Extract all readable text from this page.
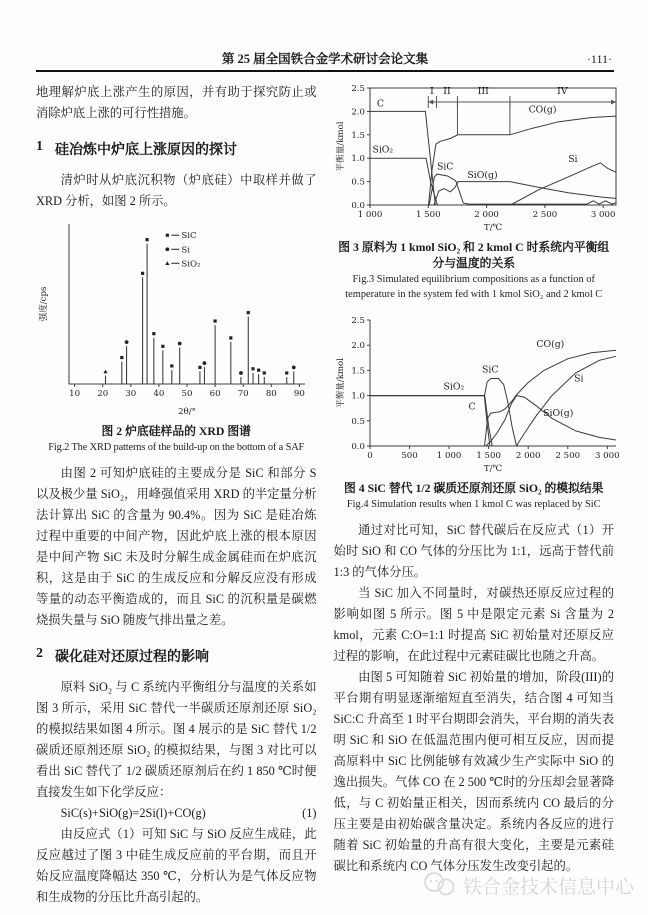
第 25 届全国铁合金学术研讨会论文集	·111·

地理解炉底上涨产生的原因，并有助于探究防止或消除炉底上涨的可行性措施。

1 硅冶炼中炉底上涨原因的探讨

清炉时从炉底沉积物（炉底硅）中取样并做了XRD 分析，如图 2 所示。

10 20 30 40 50 60 70 80 90
2θ/°
强度/cps
SiC
Si
SiO₂
图 2 炉底硅样品的 XRD 图谱
Fig.2 The XRD patterns of the build-up on the bottom of a SAF

由图 2 可知炉底硅的主要成分是 SiC 和部分 S 以及极少量 SiO₂，用峰强值采用 XRD 的半定量分析法计算出 SiC 的含量为 90.4%。因为 SiC 是硅冶炼过程中重要的中间产物，因此炉底上涨的根本原因是中间产物 SiC 未及时分解生成金属硅而在炉底沉积，这是由于 SiC 的生成反应和分解反应没有形成等量的动态平衡造成的，而且 SiC 的沉积量是碳燃烧损失量与 SiO 随废气排出量之差。

2 碳化硅对还原过程的影响

原料 SiO₂ 与 C 系统内平衡组分与温度的关系如图 3 所示，采用 SiC 替代一半碳质还原剂还原 SiO₂ 的模拟结果如图 4 所示。图 4 展示的是 SiC 替代 1/2 碳质还原剂还原 SiO₂ 的模拟结果，与图 3 对比可以看出 SiC 替代了 1/2 碳质还原剂后在约 1 850 ℃时便直接发生如下化学反应：

SiC(s)+SiO(g)=2Si(l)+CO(g)	(1)

由反应式（1）可知 SiC 与 SiO 反应生成硅，此反应越过了图 3 中硅生成反应前的平台期，而且开始反应温度降幅达 350 ℃，分析认为是气体反应物和生成物的分压比升高引起的。

1 000	1 500	2 000	2 500	3 000
0.0
0.5
1.0
1.5
2.0
2.5
T/℃
平衡量/kmol
C
SiO₂
SiC
SiO(g)
CO(g)
Si
I II	III	IV
图 3 原料为 1 kmol SiO₂ 和 2 kmol C 时系统内平衡组分与温度的关系
Fig.3 Simulated equilibrium compositions as a function of temperature in the system fed with 1 kmol SiO₂ and 2 kmol C
0	500 1 000 1 500 2 000 2 500 3 000
0.0
0.5
1.0
1.5
2.0
2.5
T/℃
平衡量/kmol	SiO₂
C
SiC
CO(g)
Si
SiO(g)
图 4 SiC 替代 1/2 碳质还原剂还原 SiO₂ 的模拟结果
Fig.4 Simulation results when 1 kmol C was replaced by SiC

通过对比可知，SiC 替代碳后在反应式（1）开始时 SiO 和 CO 气体的分压比为 1:1，远高于替代前 1:3 的气体分压。

当 SiC 加入不同量时，对碳热还原反应过程的影响如图 5 所示。图 5 中是限定元素 Si 含量为 2 kmol，元素 C:O=1:1 时提高 SiC 初始量对还原反应过程的影响，在此过程中元素硅碳比也随之升高。

由图 5 可知随着 SiC 初始量的增加，阶段(III)的平台期有明显逐渐缩短直至消失，结合图 4 可知当 SiC:C 升高至 1 时平台期即会消失，平台期的消失表明 SiC 和 SiO 在低温范围内便可相互反应，因而提高原料中 SiC 比例能够有效减少生产实际中 SiO 的逸出损失。气体 CO 在 2 500 ℃时的分压却会显著降低，与 C 初始量正相关，因而系统内 CO 最后的分压主要是由初始碳含量决定。系统内各反应的进行随着 SiC 初始量的升高有很大变化，主要是元素硅碳比和系统内 CO 气体分压发生改变引起的。

铁合金技术信息中心
